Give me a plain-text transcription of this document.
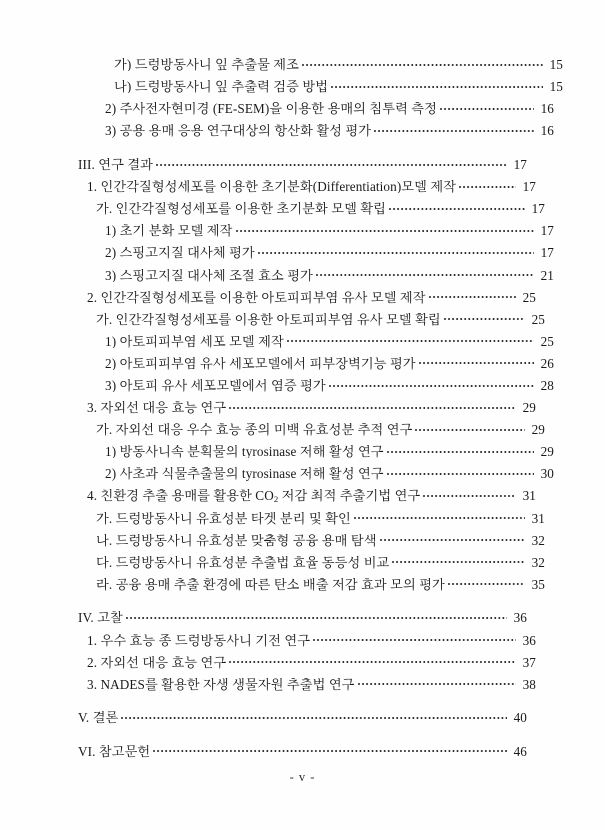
가) 드렁방동사니 잎 추출물 제조	15
나) 드렁방동사니 잎 추출력 검증 방법	15
2) 주사전자현미경 (FE-SEM)을 이용한 용매의 침투력 측정	16
3) 공용 용매 응용 연구대상의 항산화 활성 평가	16
III. 연구 결과	17
1. 인간각질형성세포를 이용한 초기분화(Differentiation)모델 제작	17
가. 인간각질형성세포를 이용한 초기분화 모델 확립	17
1) 초기 분화 모델 제작	17
2) 스핑고지질 대사체 평가	17
3) 스핑고지질 대사체 조절 효소 평가	21
2. 인간각질형성세포를 이용한 아토피피부염 유사 모델 제작	25
가. 인간각질형성세포를 이용한 아토피피부염 유사 모델 확립	25
1) 아토피피부염 세포 모델 제작	25
2) 아토피피부염 유사 세포모델에서 피부장벽기능 평가	26
3) 아토피 유사 세포모델에서 염증 평가	28
3. 자외선 대응 효능 연구	29
가. 자외선 대응 우수 효능 종의 미백 유효성분 추적 연구	29
1) 방동사니속 분획물의 tyrosinase 저해 활성 연구	29
2) 사초과 식물추출물의 tyrosinase 저해 활성 연구	30
4. 친환경 추출 용매를 활용한 $CO_2$ 저감 최적 추출기법 연구	31
가. 드렁방동사니 유효성분 타겟 분리 및 확인	31
나. 드렁방동사니 유효성분 맞춤형 공융 용매 탐색	32
다. 드렁방동사니 유효성분 추출법 효율 동등성 비교	32
라. 공융 용매 추출 환경에 따른 탄소 배출 저감 효과 모의 평가	35
IV. 고찰	36
1. 우수 효능 종 드렁방동사니 기전 연구	36
2. 자외선 대응 효능 연구	37
3. NADES를 활용한 자생 생물자원 추출법 연구	38
V. 결론	40
VI. 참고문헌	46
- v -
